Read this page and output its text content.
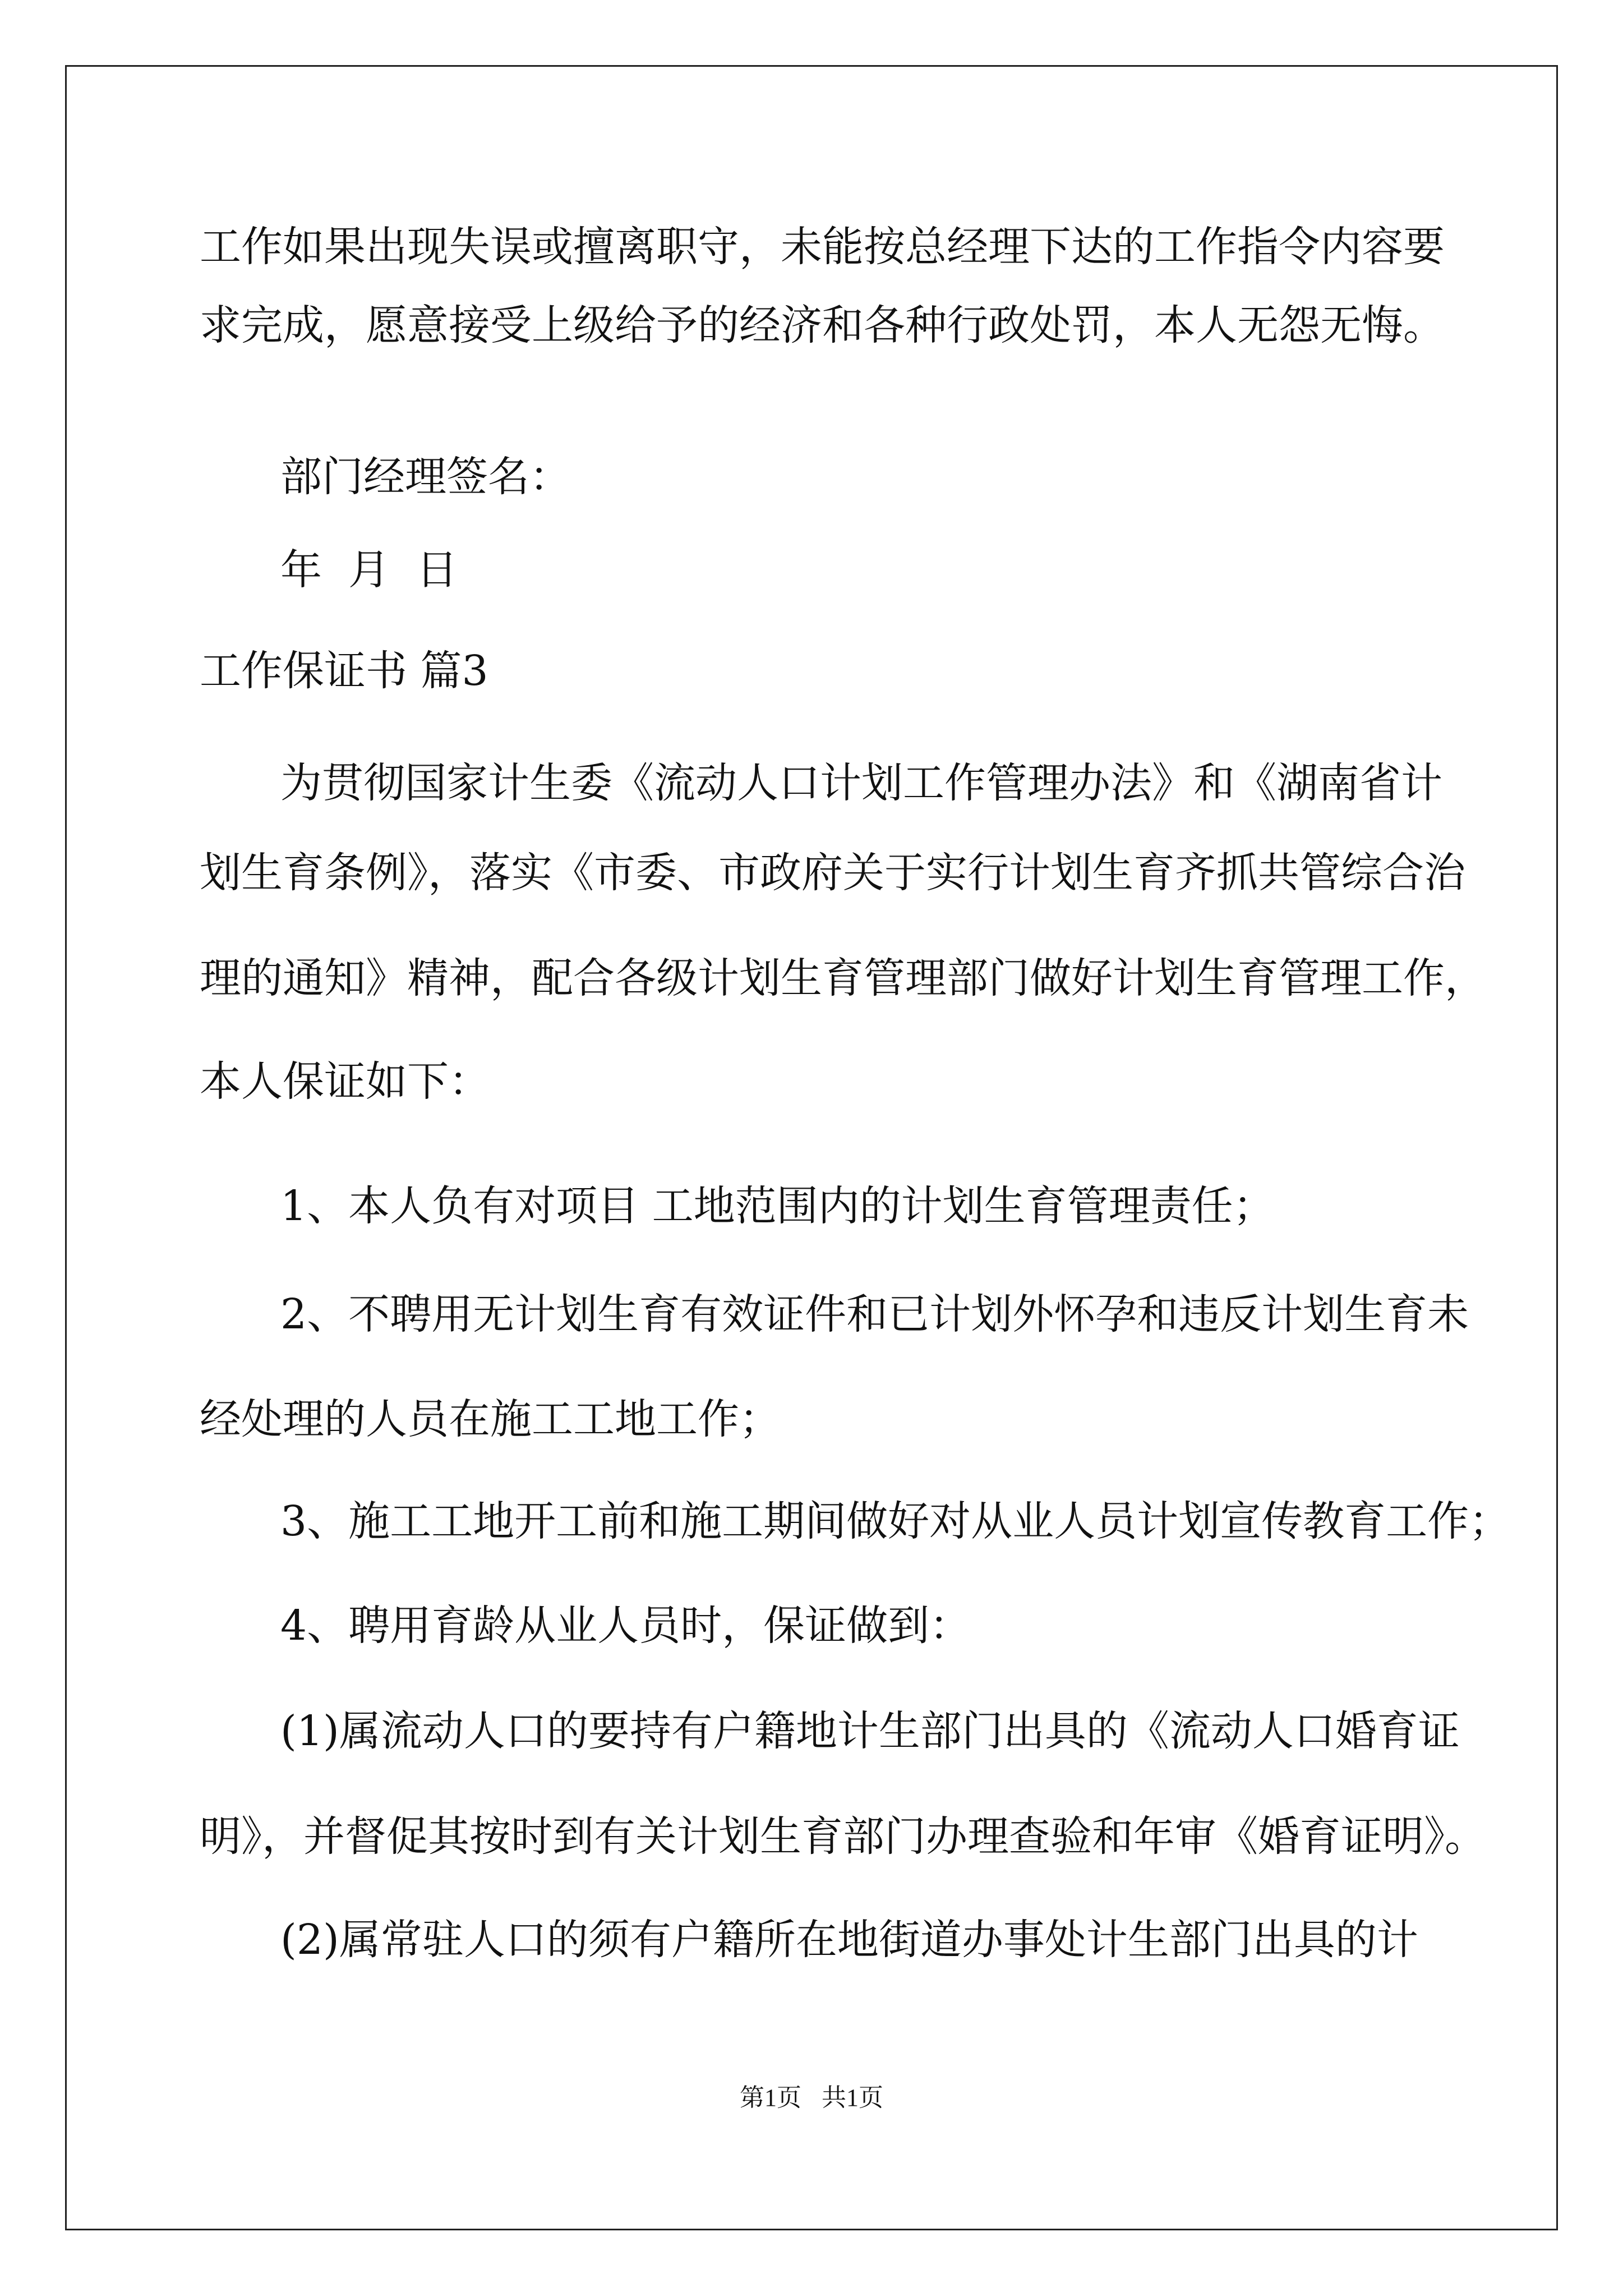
工作如果出现失误或擅离职守，未能按总经理下达的工作指令内容要
求完成，愿意接受上级给予的经济和各种行政处罚，本人无怨无悔。
部门经理签名：
年  月  日
工作保证书 篇3
为贯彻国家计生委《流动人口计划工作管理办法》和《湖南省计
划生育条例》，落实《市委、市政府关于实行计划生育齐抓共管综合治
理的通知》精神，配合各级计划生育管理部门做好计划生育管理工作，
本人保证如下：
1、本人负有对项目 工地范围内的计划生育管理责任；
2、不聘用无计划生育有效证件和已计划外怀孕和违反计划生育未
经处理的人员在施工工地工作；
3、施工工地开工前和施工期间做好对从业人员计划宣传教育工作；
4、聘用育龄从业人员时，保证做到：
(1)属流动人口的要持有户籍地计生部门出具的《流动人口婚育证
明》，并督促其按时到有关计划生育部门办理查验和年审《婚育证明》。
(2)属常驻人口的须有户籍所在地街道办事处计生部门出具的计
第1页 共1页
